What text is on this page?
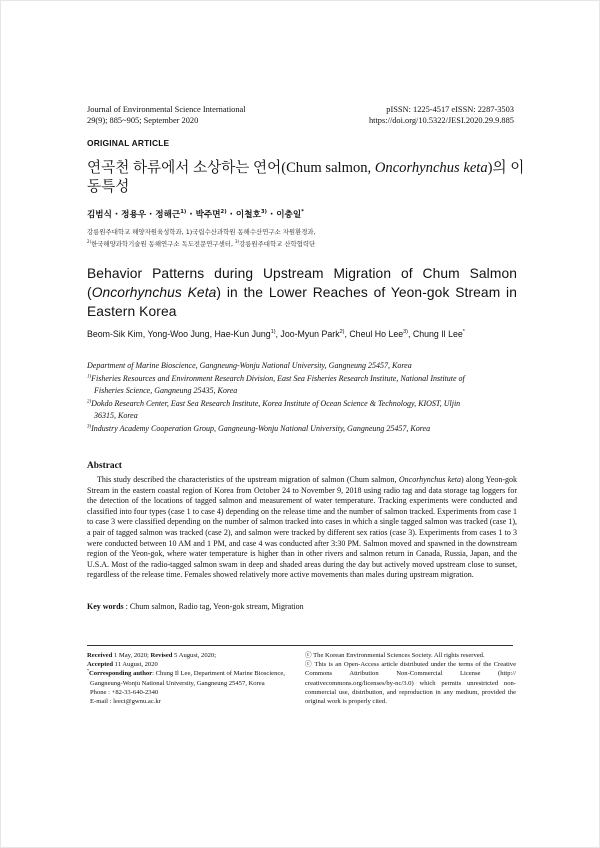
Journal of Environmental Science International
29(9); 885~905; September 2020
pISSN: 1225-4517 eISSN: 2287-3503
https://doi.org/10.5322/JESI.2020.29.9.885
ORIGINAL ARTICLE
연곡천 하류에서 소상하는 연어(Chum salmon, Oncorhynchus keta)의 이동특성
김범식 · 정용우 · 정해근$^{1)}$ · 박주면$^{2)}$ · 이철호$^{3)}$ · 이충일*
강릉원주대학교 해양자원육성학과, 1)국립수산과학원 동해수산연구소 자원환경과,
$^{2)}$한국해양과학기술원 동해연구소 독도전문연구센터, $^{3)}$강릉원주대학교 산학협력단
Behavior Patterns during Upstream Migration of Chum Salmon (Oncorhynchus Keta) in the Lower Reaches of Yeon-gok Stream in Eastern Korea
Beom-Sik Kim, Yong-Woo Jung, Hae-Kun Jung$^{1)}$, Joo-Myun Park$^{2)}$, Cheul Ho Lee$^{3)}$, Chung Il Lee*

Department of Marine Bioscience, Gangneung-Wonju National University, Gangneung 25457, Korea

$^{1)}$Fisheries Resources and Environment Research Division, East Sea Fisheries Research Institute, National Institute of

Fisheries Science, Gangneung 25435, Korea

$^{2)}$Dokdo Research Center, East Sea Research Institute, Korea Institute of Ocean Science & Technology, KIOST, Uljin

36315, Korea

$^{3)}$Industry Academy Cooperation Group, Gangneung-Wonju National University, Gangneung 25457, Korea

Abstract
This study described the characteristics of the upstream migration of salmon (Chum salmon, Oncorhynchus keta) along Yeon-gok Stream in the eastern coastal region of Korea from October 24 to November 9, 2018 using radio tag and data storage tag loggers for the detection of the locations of tagged salmon and measurement of water temperature. Tracking experiments were conducted and classified into four types (case 1 to case 4) depending on the release time and the number of salmon tracked. Experiments from case 1 to case 3 were classified depending on the number of salmon tracked into cases in which a single tagged salmon was tracked (case 1), a pair of tagged salmon was tracked (case 2), and salmon were tracked by different sex ratios (case 3). Experiments from cases 1 to 3 were conducted between 10 AM and 1 PM, and case 4 was conducted after 3:30 PM. Salmon moved and spawned in the downstream region of the Yeon-gok, where water temperature is higher than in other rivers and salmon return in Canada, Russia, Japan, and the U.S.A. Most of the radio-tagged salmon swam in deep and shaded areas during the day but actively moved upstream close to sunset, regardless of the release time. Females showed relatively more active movements than males during upstream migration.
Key words : Chum salmon, Radio tag, Yeon-gok stream, Migration
Received 1 May, 2020; Revised 5 August, 2020;
Accepted 11 August, 2020
*Corresponding author: Chung Il Lee, Department of Marine Bioscience,
Gangneung-Wonju National University, Gangneung 25457, Korea
Phone : +82-33-640-2340
E-mail : leeci@gwnu.ac.kr
ⓒ The Korean Environmental Sciences Society. All rights reserved.
ⓒ This is an Open-Access article distributed under the terms of the Creative Commons Attribution Non-Commercial License (http:// creativecommons.org/licenses/by-nc/3.0) which permits unrestricted non-commercial use, distribution, and reproduction in any medium, provided the original work is properly cited.
